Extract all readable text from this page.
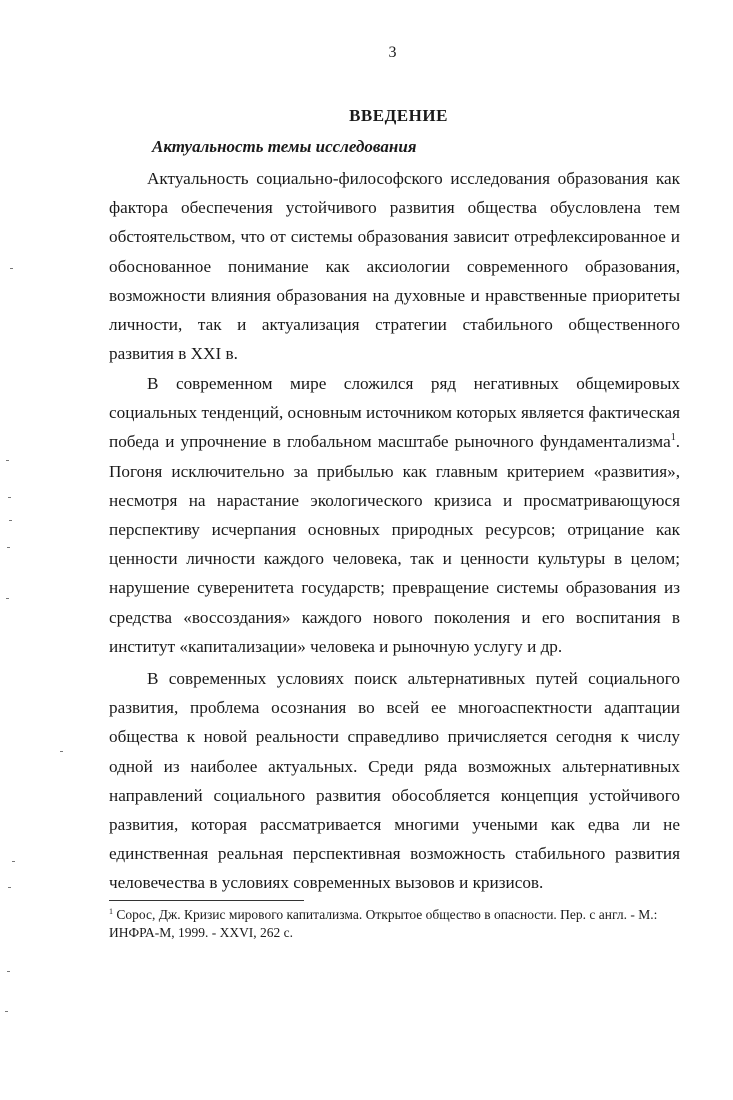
3
ВВЕДЕНИЕ
Актуальность темы исследования

Актуальность социально-философского исследования образования как фактора обеспечения устойчивого развития общества обусловлена тем обстоятельством, что от системы образования зависит отрефлексированное и обоснованное понимание как аксиологии современного образования, возможности влияния образования на духовные и нравственные приоритеты личности, так и актуализация стратегии стабильного общественного развития в XXI в.

В современном мире сложился ряд негативных общемировых социальных тенденций, основным источником которых является фактическая победа и упрочнение в глобальном масштабе рыночного фундаментализма$^1$. Погоня исключительно за прибылью как главным критерием «развития», несмотря на нарастание экологического кризиса и просматривающуюся перспективу исчерпания основных природных ресурсов; отрицание как ценности личности каждого человека, так и ценности культуры в целом; нарушение суверенитета государств; превращение системы образования из средства «воссоздания» каждого нового поколения и его воспитания в институт «капитализации» человека и рыночную услугу и др.

В современных условиях поиск альтернативных путей социального развития, проблема осознания во всей ее многоаспектности адаптации общества к новой реальности справедливо причисляется сегодня к числу одной из наиболее актуальных. Среди ряда возможных альтернативных направлений социального развития обособляется концепция устойчивого развития, которая рассматривается многими учеными как едва ли не единственная реальная перспективная возможность стабильного развития человечества в условиях современных вызовов и кризисов.

$^1$ Сорос, Дж. Кризис мирового капитализма. Открытое общество в опасности. Пер. с англ. - М.: ИНФРА-М, 1999. - XXVI, 262 с.
